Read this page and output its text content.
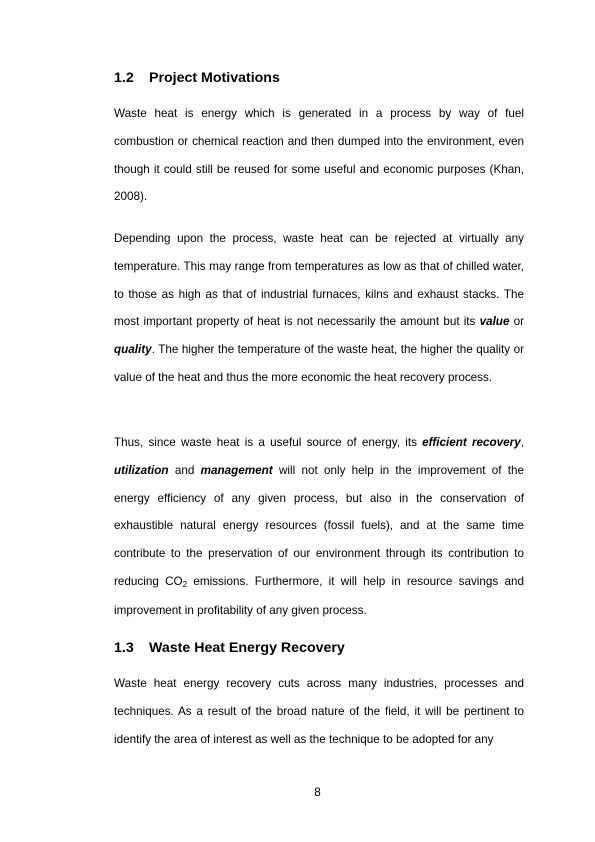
1.2 Project Motivations

Waste heat is energy which is generated in a process by way of fuel combustion or chemical reaction and then dumped into the environment, even though it could still be reused for some useful and economic purposes (Khan, 2008).

Depending upon the process, waste heat can be rejected at virtually any temperature. This may range from temperatures as low as that of chilled water, to those as high as that of industrial furnaces, kilns and exhaust stacks. The most important property of heat is not necessarily the amount but its value or quality. The higher the temperature of the waste heat, the higher the quality or value of the heat and thus the more economic the heat recovery process.

Thus, since waste heat is a useful source of energy, its efficient recovery, utilization and management will not only help in the improvement of the energy efficiency of any given process, but also in the conservation of exhaustible natural energy resources (fossil fuels), and at the same time contribute to the preservation of our environment through its contribution to reducing $CO_2$ emissions. Furthermore, it will help in resource savings and improvement in profitability of any given process.

1.3 Waste Heat Energy Recovery

Waste heat energy recovery cuts across many industries, processes and techniques. As a result of the broad nature of the field, it will be pertinent to identify the area of interest as well as the technique to be adopted for any

8
